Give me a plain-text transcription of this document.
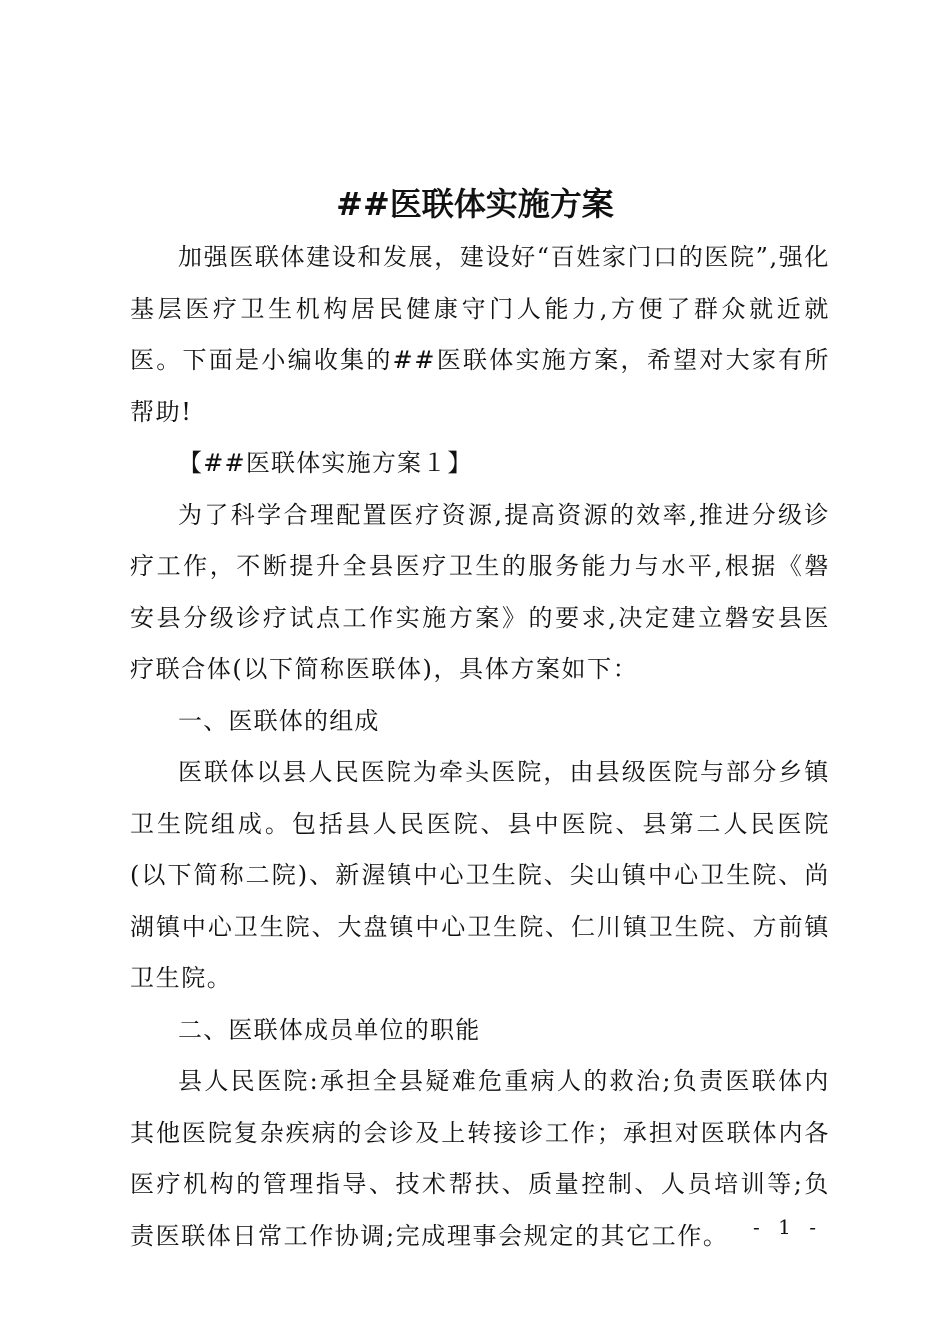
##医联体实施方案

加强医联体建设和发展，建设好“百姓家门口的医院”,强化基层医疗卫生机构居民健康守门人能力,方便了群众就近就医。下面是小编收集的##医联体实施方案，希望对大家有所帮助!

【##医联体实施方案１】

为了科学合理配置医疗资源,提高资源的效率,推进分级诊疗工作，不断提升全县医疗卫生的服务能力与水平,根据《磐安县分级诊疗试点工作实施方案》的要求,决定建立磐安县医疗联合体(以下简称医联体)，具体方案如下：

一、医联体的组成

医联体以县人民医院为牵头医院，由县级医院与部分乡镇卫生院组成。包括县人民医院、县中医院、县第二人民医院(以下简称二院)、新渥镇中心卫生院、尖山镇中心卫生院、尚湖镇中心卫生院、大盘镇中心卫生院、仁川镇卫生院、方前镇卫生院。

二、医联体成员单位的职能

县人民医院:承担全县疑难危重病人的救治;负责医联体内其他医院复杂疾病的会诊及上转接诊工作；承担对医联体内各医疗机构的管理指导、技术帮扶、质量控制、人员培训等;负责医联体日常工作协调;完成理事会规定的其它工作。	- 1 -
